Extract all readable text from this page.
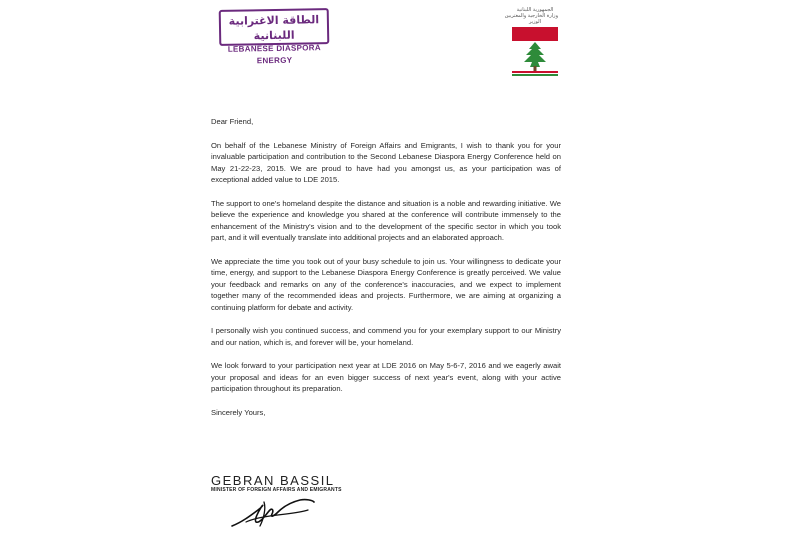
الطاقة الاغترابية اللبنانية
LEBANESE DIASPORA ENERGY
الجمهورية اللبنانية
وزارة الخارجية والمغتربين
الوزير

Dear Friend,

On behalf of the Lebanese Ministry of Foreign Affairs and Emigrants, I wish to thank you for your invaluable participation and contribution to the Second Lebanese Diaspora Energy Conference held on May 21-22-23, 2015. We are proud to have had you amongst us, as your participation was of exceptional added value to LDE 2015.

The support to one's homeland despite the distance and situation is a noble and rewarding initiative. We believe the experience and knowledge you shared at the conference will contribute immensely to the enhancement of the Ministry's vision and to the development of the specific sector in which you took part, and it will eventually translate into additional projects and an elaborated approach.

We appreciate the time you took out of your busy schedule to join us. Your willingness to dedicate your time, energy, and support to the Lebanese Diaspora Energy Conference is greatly perceived. We value your feedback and remarks on any of the conference's inaccuracies, and we expect to implement together many of the recommended ideas and projects. Furthermore, we are aiming at organizing a continuing platform for debate and activity.

I personally wish you continued success, and commend you for your exemplary support to our Ministry and our nation, which is, and forever will be, your homeland.

We look forward to your participation next year at LDE 2016 on May 5-6-7, 2016 and we eagerly await your proposal and ideas for an even bigger success of next year's event, along with your active participation throughout its preparation.

Sincerely Yours,

GEBRAN BASSIL
MINISTER OF FOREIGN AFFAIRS AND EMIGRANTS
